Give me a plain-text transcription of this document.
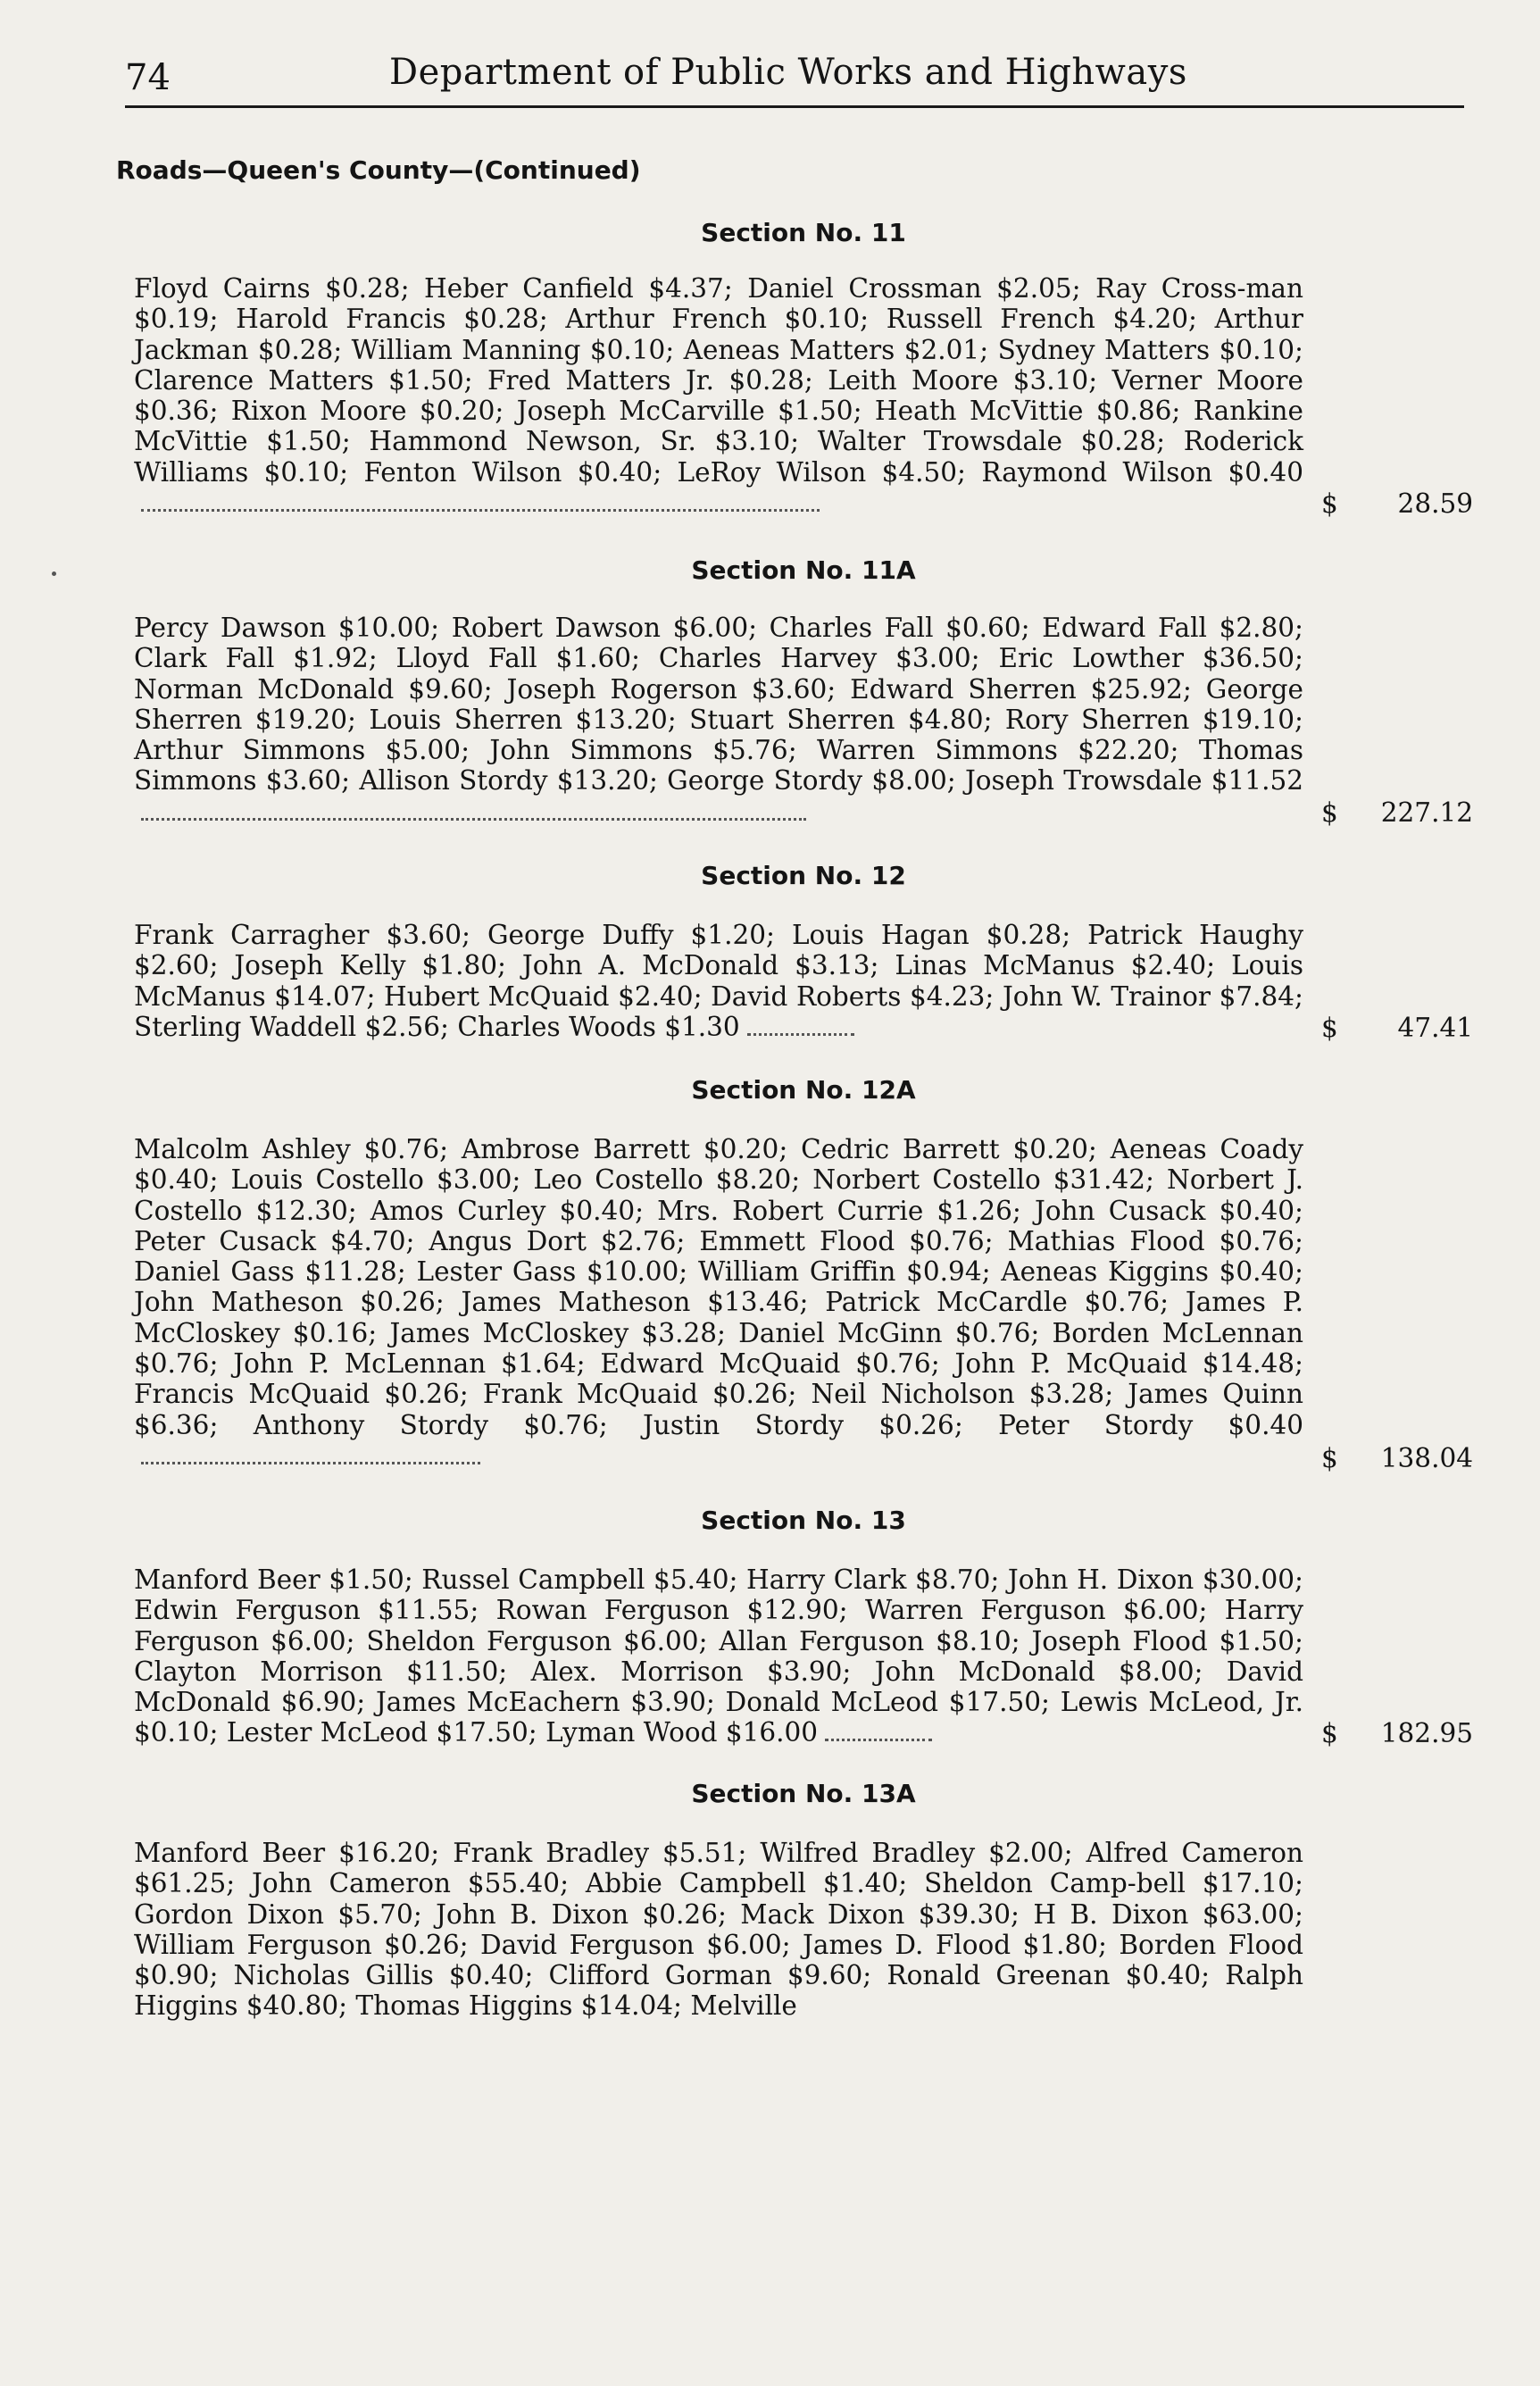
74	Department of Public Works and Highways
Roads—Queen's County—(Continued)
Section No. 11
Floyd Cairns $0.28; Heber Canfield $4.37; Daniel Crossman $2.05; Ray Cross-man $0.19; Harold Francis $0.28; Arthur French $0.10; Russell French $4.20; Arthur Jackman $0.28; William Manning $0.10; Aeneas Matters $2.01; Sydney Matters $0.10; Clarence Matters $1.50; Fred Matters Jr. $0.28; Leith Moore $3.10; Verner Moore $0.36; Rixon Moore $0.20; Joseph McCarville $1.50; Heath McVittie $0.86; Rankine McVittie $1.50; Hammond Newson, Sr. $3.10; Walter Trowsdale $0.28; Roderick Williams $0.10; Fenton Wilson $0.40; LeRoy Wilson $4.50; Raymond Wilson $0.40
$ 28.59
Section No. 11A
Percy Dawson $10.00; Robert Dawson $6.00; Charles Fall $0.60; Edward Fall $2.80; Clark Fall $1.92; Lloyd Fall $1.60; Charles Harvey $3.00; Eric Lowther $36.50; Norman McDonald $9.60; Joseph Rogerson $3.60; Edward Sherren $25.92; George Sherren $19.20; Louis Sherren $13.20; Stuart Sherren $4.80; Rory Sherren $19.10; Arthur Simmons $5.00; John Simmons $5.76; Warren Simmons $22.20; Thomas Simmons $3.60; Allison Stordy $13.20; George Stordy $8.00; Joseph Trowsdale $11.52
$ 227.12
Section No. 12
Frank Carragher $3.60; George Duffy $1.20; Louis Hagan $0.28; Patrick Haughy $2.60; Joseph Kelly $1.80; John A. McDonald $3.13; Linas McManus $2.40; Louis McManus $14.07; Hubert McQuaid $2.40; David Roberts $4.23; John W. Trainor $7.84; Sterling Waddell $2.56; Charles Woods $1.30	$ 47.41
Section No. 12A
Malcolm Ashley $0.76; Ambrose Barrett $0.20; Cedric Barrett $0.20; Aeneas Coady $0.40; Louis Costello $3.00; Leo Costello $8.20; Norbert Costello $31.42; Norbert J. Costello $12.30; Amos Curley $0.40; Mrs. Robert Currie $1.26; John Cusack $0.40; Peter Cusack $4.70; Angus Dort $2.76; Emmett Flood $0.76; Mathias Flood $0.76; Daniel Gass $11.28; Lester Gass $10.00; William Griffin $0.94; Aeneas Kiggins $0.40; John Matheson $0.26; James Matheson $13.46; Patrick McCardle $0.76; James P. McCloskey $0.16; James McCloskey $3.28; Daniel McGinn $0.76; Borden McLennan $0.76; John P. McLennan $1.64; Edward McQuaid $0.76; John P. McQuaid $14.48; Francis McQuaid $0.26; Frank McQuaid $0.26; Neil Nicholson $3.28; James Quinn $6.36; Anthony Stordy $0.76; Justin Stordy $0.26; Peter Stordy $0.40
$ 138.04
Section No. 13
Manford Beer $1.50; Russel Campbell $5.40; Harry Clark $8.70; John H. Dixon $30.00; Edwin Ferguson $11.55; Rowan Ferguson $12.90; Warren Ferguson $6.00; Harry Ferguson $6.00; Sheldon Ferguson $6.00; Allan Ferguson $8.10; Joseph Flood $1.50; Clayton Morrison $11.50; Alex. Morrison $3.90; John McDonald $8.00; David McDonald $6.90; James McEachern $3.90; Donald McLeod $17.50; Lewis McLeod, Jr. $0.10; Lester McLeod $17.50; Lyman Wood $16.00	$ 182.95
Section No. 13A
Manford Beer $16.20; Frank Bradley $5.51; Wilfred Bradley $2.00; Alfred Cameron $61.25; John Cameron $55.40; Abbie Campbell $1.40; Sheldon Camp-bell $17.10; Gordon Dixon $5.70; John B. Dixon $0.26; Mack Dixon $39.30; H B. Dixon $63.00; William Ferguson $0.26; David Ferguson $6.00; James D. Flood $1.80; Borden Flood $0.90; Nicholas Gillis $0.40; Clifford Gorman $9.60; Ronald Greenan $0.40; Ralph Higgins $40.80; Thomas Higgins $14.04; Melville
